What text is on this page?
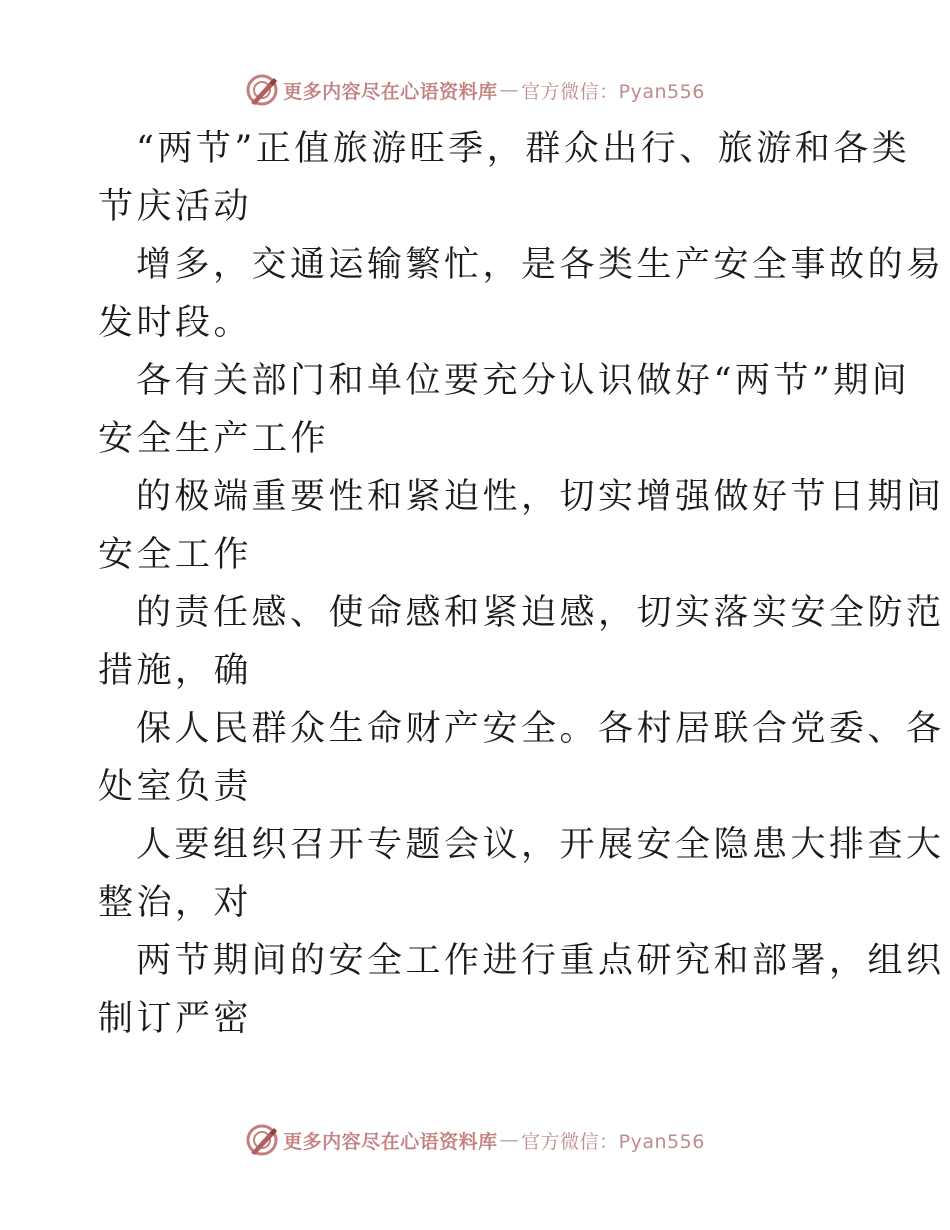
更多内容尽在心语资料库 — 官方微信：Pyan556
“两节”正值旅游旺季，群众出行、旅游和各类
节庆活动
增多，交通运输繁忙，是各类生产安全事故的易
发时段。
各有关部门和单位要充分认识做好“两节”期间
安全生产工作
的极端重要性和紧迫性，切实增强做好节日期间
安全工作
的责任感、使命感和紧迫感，切实落实安全防范
措施，确
保人民群众生命财产安全。各村居联合党委、各
处室负责
人要组织召开专题会议，开展安全隐患大排查大
整治，对
两节期间的安全工作进行重点研究和部署，组织
制订严密
更多内容尽在心语资料库 — 官方微信：Pyan556
